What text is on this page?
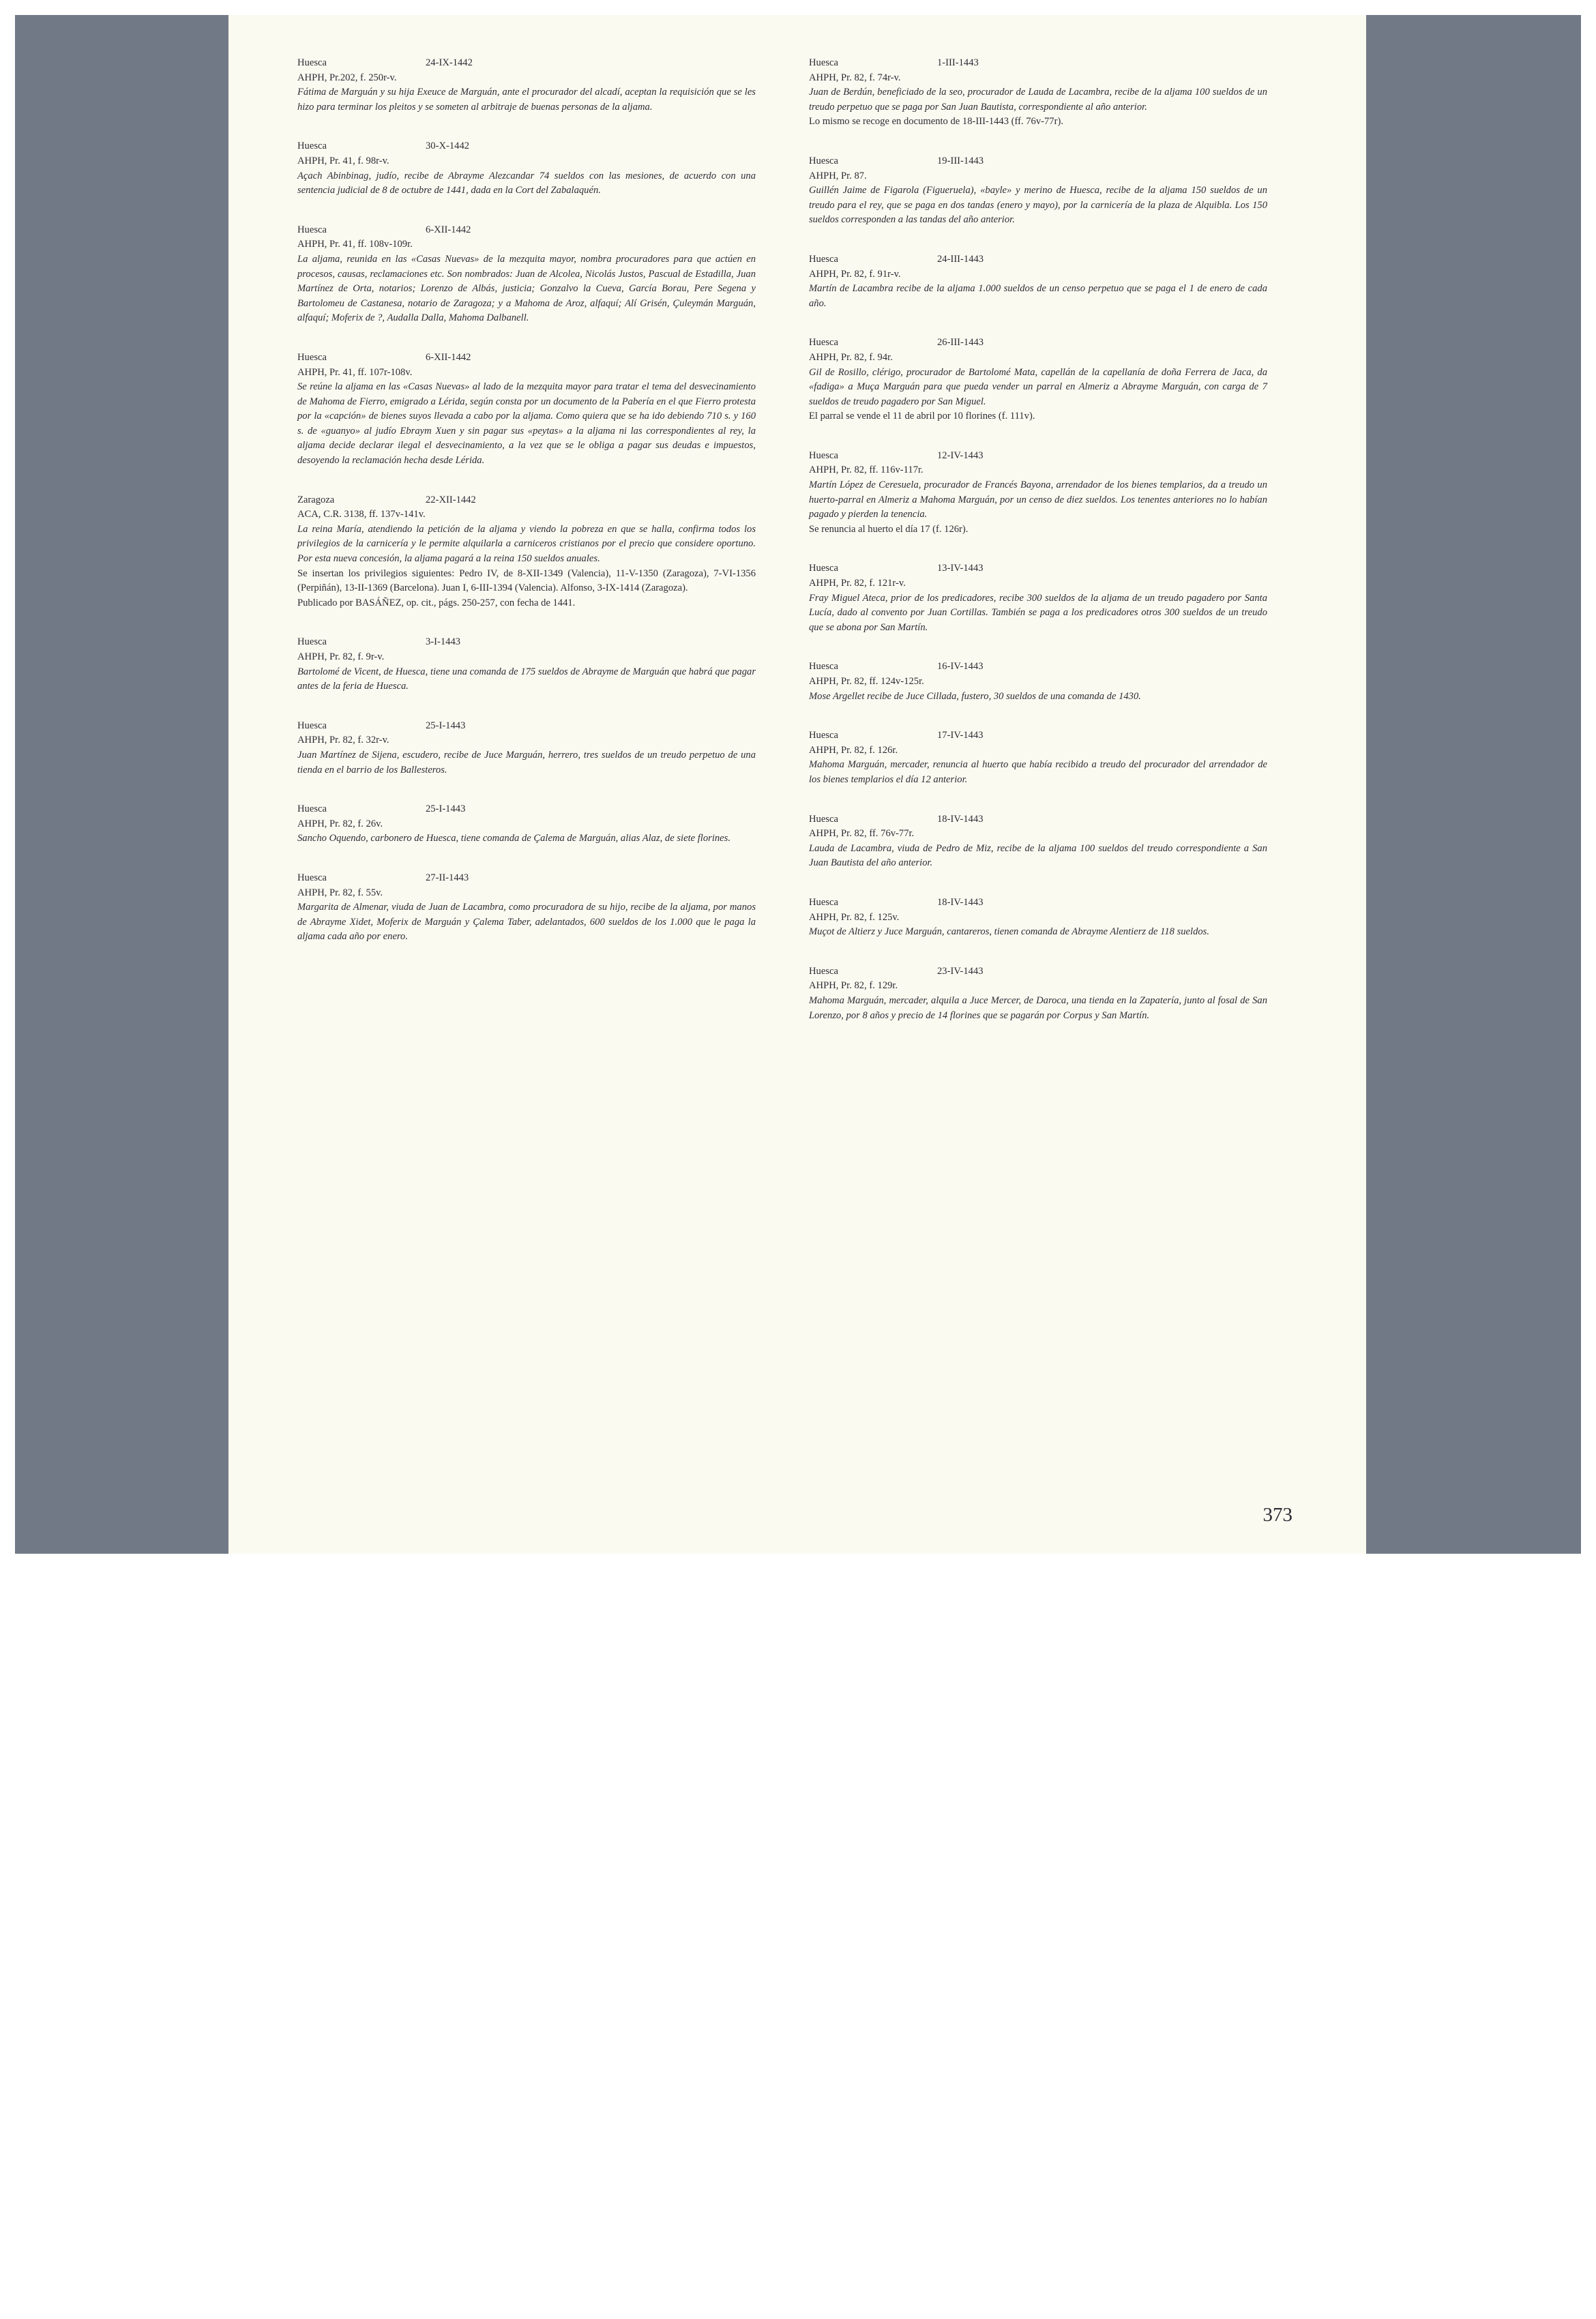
Huesca	24-IX-1442

AHPH, Pr.202, f. 250r-v.

Fátima de Marguán y su hija Exeuce de Marguán, ante el procurador del alcadí, aceptan la requisición que se les hizo para terminar los pleitos y se someten al arbitraje de buenas personas de la aljama.

Huesca	30-X-1442

AHPH, Pr. 41, f. 98r-v.

Açach Abinbinag, judío, recibe de Abrayme Alezcandar 74 sueldos con las mesiones, de acuerdo con una sentencia judicial de 8 de octubre de 1441, dada en la Cort del Zabalaquén.

Huesca	6-XII-1442

AHPH, Pr. 41, ff. 108v-109r.

La aljama, reunida en las «Casas Nuevas» de la mezquita mayor, nombra procuradores para que actúen en procesos, causas, reclamaciones etc. Son nombrados: Juan de Alcolea, Nicolás Justos, Pascual de Estadilla, Juan Martínez de Orta, notarios; Lorenzo de Albás, justicia; Gonzalvo la Cueva, García Borau, Pere Segena y Bartolomeu de Castanesa, notario de Zaragoza; y a Mahoma de Aroz, alfaquí; Alí Grisén, Çuleymán Marguán, alfaquí; Moferix de ?, Audalla Dalla, Mahoma Dalbanell.

Huesca	6-XII-1442

AHPH, Pr. 41, ff. 107r-108v.

Se reúne la aljama en las «Casas Nuevas» al lado de la mezquita mayor para tratar el tema del desvecinamiento de Mahoma de Fierro, emigrado a Lérida, según consta por un documento de la Pabería en el que Fierro protesta por la «capción» de bienes suyos llevada a cabo por la aljama. Como quiera que se ha ido debiendo 710 s. y 160 s. de «guanyo» al judío Ebraym Xuen y sin pagar sus «peytas» a la aljama ni las correspondientes al rey, la aljama decide declarar ilegal el desvecinamiento, a la vez que se le obliga a pagar sus deudas e impuestos, desoyendo la reclamación hecha desde Lérida.

Zaragoza	22-XII-1442

ACA, C.R. 3138, ff. 137v-141v.

La reina María, atendiendo la petición de la aljama y viendo la pobreza en que se halla, confirma todos los privilegios de la carnicería y le permite alquilarla a carniceros cristianos por el precio que considere oportuno. Por esta nueva concesión, la aljama pagará a la reina 150 sueldos anuales.

Se insertan los privilegios siguientes: Pedro IV, de 8-XII-1349 (Valencia), 11-V-1350 (Zaragoza), 7-VI-1356 (Perpiñán), 13-II-1369 (Barcelona). Juan I, 6-III-1394 (Valencia). Alfonso, 3-IX-1414 (Zaragoza).

Publicado por BASÁÑEZ, op. cit., págs. 250-257, con fecha de 1441.

Huesca	3-I-1443

AHPH, Pr. 82, f. 9r-v.

Bartolomé de Vicent, de Huesca, tiene una comanda de 175 sueldos de Abrayme de Marguán que habrá que pagar antes de la feria de Huesca.

Huesca	25-I-1443

AHPH, Pr. 82, f. 32r-v.

Juan Martínez de Sijena, escudero, recibe de Juce Marguán, herrero, tres sueldos de un treudo perpetuo de una tienda en el barrio de los Ballesteros.

Huesca	25-I-1443

AHPH, Pr. 82, f. 26v.

Sancho Oquendo, carbonero de Huesca, tiene comanda de Çalema de Marguán, alias Alaz, de siete florines.

Huesca	27-II-1443

AHPH, Pr. 82, f. 55v.

Margarita de Almenar, viuda de Juan de Lacambra, como procuradora de su hijo, recibe de la aljama, por manos de Abrayme Xidet, Moferix de Marguán y Çalema Taber, adelantados, 600 sueldos de los 1.000 que le paga la aljama cada año por enero.

Huesca	1-III-1443

AHPH, Pr. 82, f. 74r-v.

Juan de Berdún, beneficiado de la seo, procurador de Lauda de Lacambra, recibe de la aljama 100 sueldos de un treudo perpetuo que se paga por San Juan Bautista, correspondiente al año anterior.

Lo mismo se recoge en documento de 18-III-1443 (ff. 76v-77r).

Huesca	19-III-1443

AHPH, Pr. 87.

Guillén Jaime de Figarola (Figueruela), «bayle» y merino de Huesca, recibe de la aljama 150 sueldos de un treudo para el rey, que se paga en dos tandas (enero y mayo), por la carnicería de la plaza de Alquibla. Los 150 sueldos corresponden a las tandas del año anterior.

Huesca	24-III-1443

AHPH, Pr. 82, f. 91r-v.

Martín de Lacambra recibe de la aljama 1.000 sueldos de un censo perpetuo que se paga el 1 de enero de cada año.

Huesca	26-III-1443

AHPH, Pr. 82, f. 94r.

Gil de Rosillo, clérigo, procurador de Bartolomé Mata, capellán de la capellanía de doña Ferrera de Jaca, da «fadiga» a Muça Marguán para que pueda vender un parral en Almeriz a Abrayme Marguán, con carga de 7 sueldos de treudo pagadero por San Miguel.

El parral se vende el 11 de abril por 10 florines (f. 111v).

Huesca	12-IV-1443

AHPH, Pr. 82, ff. 116v-117r.

Martín López de Ceresuela, procurador de Francés Bayona, arrendador de los bienes templarios, da a treudo un huerto-parral en Almeriz a Mahoma Marguán, por un censo de diez sueldos. Los tenentes anteriores no lo habían pagado y pierden la tenencia.

Se renuncia al huerto el día 17 (f. 126r).

Huesca	13-IV-1443

AHPH, Pr. 82, f. 121r-v.

Fray Miguel Ateca, prior de los predicadores, recibe 300 sueldos de la aljama de un treudo pagadero por Santa Lucía, dado al convento por Juan Cortillas. También se paga a los predicadores otros 300 sueldos de un treudo que se abona por San Martín.

Huesca	16-IV-1443

AHPH, Pr. 82, ff. 124v-125r.

Mose Argellet recibe de Juce Cillada, fustero, 30 sueldos de una comanda de 1430.

Huesca	17-IV-1443

AHPH, Pr. 82, f. 126r.

Mahoma Marguán, mercader, renuncia al huerto que había recibido a treudo del procurador del arrendador de los bienes templarios el día 12 anterior.

Huesca	18-IV-1443

AHPH, Pr. 82, ff. 76v-77r.

Lauda de Lacambra, viuda de Pedro de Miz, recibe de la aljama 100 sueldos del treudo correspondiente a San Juan Bautista del año anterior.

Huesca	18-IV-1443

AHPH, Pr. 82, f. 125v.

Muçot de Altierz y Juce Marguán, cantareros, tienen comanda de Abrayme Alentierz de 118 sueldos.

Huesca	23-IV-1443

AHPH, Pr. 82, f. 129r.

Mahoma Marguán, mercader, alquila a Juce Mercer, de Daroca, una tienda en la Zapatería, junto al fosal de San Lorenzo, por 8 años y precio de 14 florines que se pagarán por Corpus y San Martín.

373
